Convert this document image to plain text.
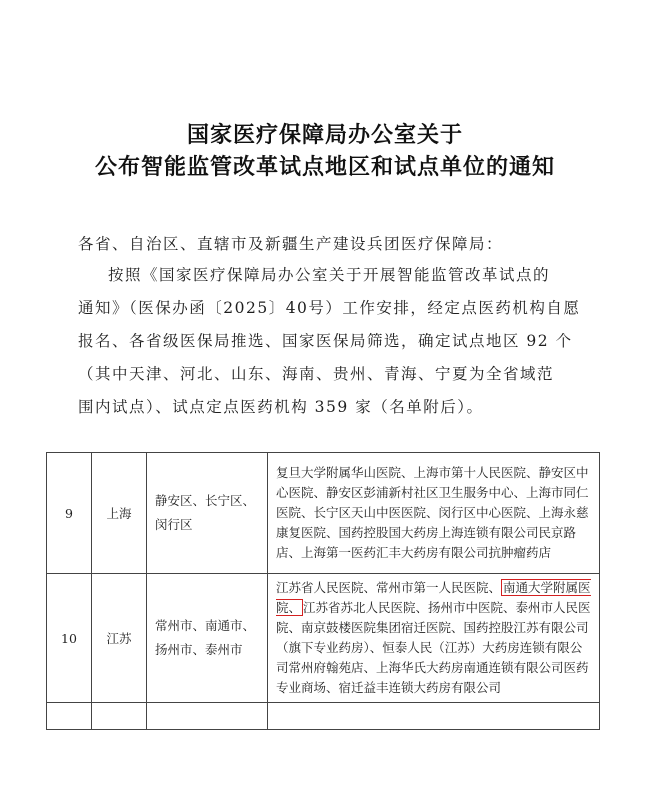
国家医疗保障局办公室关于
公布智能监管改革试点地区和试点单位的通知
各省、自治区、直辖市及新疆生产建设兵团医疗保障局：
按照《国家医疗保障局办公室关于开展智能监管改革试点的
通知》（医保办函〔2025〕40号）工作安排，经定点医药机构自愿
报名、各省级医保局推选、国家医保局筛选，确定试点地区 92 个
（其中天津、河北、山东、海南、贵州、青海、宁夏为全省域范
围内试点）、试点定点医药机构 359 家（名单附后）。
9	上海	静安区、长宁区、闵行区	复旦大学附属华山医院、上海市第十人民医院、静安区中心医院、静安区彭浦新村社区卫生服务中心、上海市同仁医院、长宁区天山中医医院、闵行区中心医院、上海永慈康复医院、国药控股国大药房上海连锁有限公司民京路店、上海第一医药汇丰大药房有限公司抗肿瘤药店
10	江苏	常州市、南通市、扬州市、泰州市	江苏省人民医院、常州市第一人民医院、 南通大学附属医院、 江苏省苏北人民医院、扬州市中医院、泰州市人民医院、南京鼓楼医院集团宿迁医院、国药控股江苏有限公司（旗下专业药房）、恒泰人民（江苏）大药房连锁有限公司常州府翰苑店、上海华氏大药房南通连锁有限公司医药专业商场、宿迁益丰连锁大药房有限公司
